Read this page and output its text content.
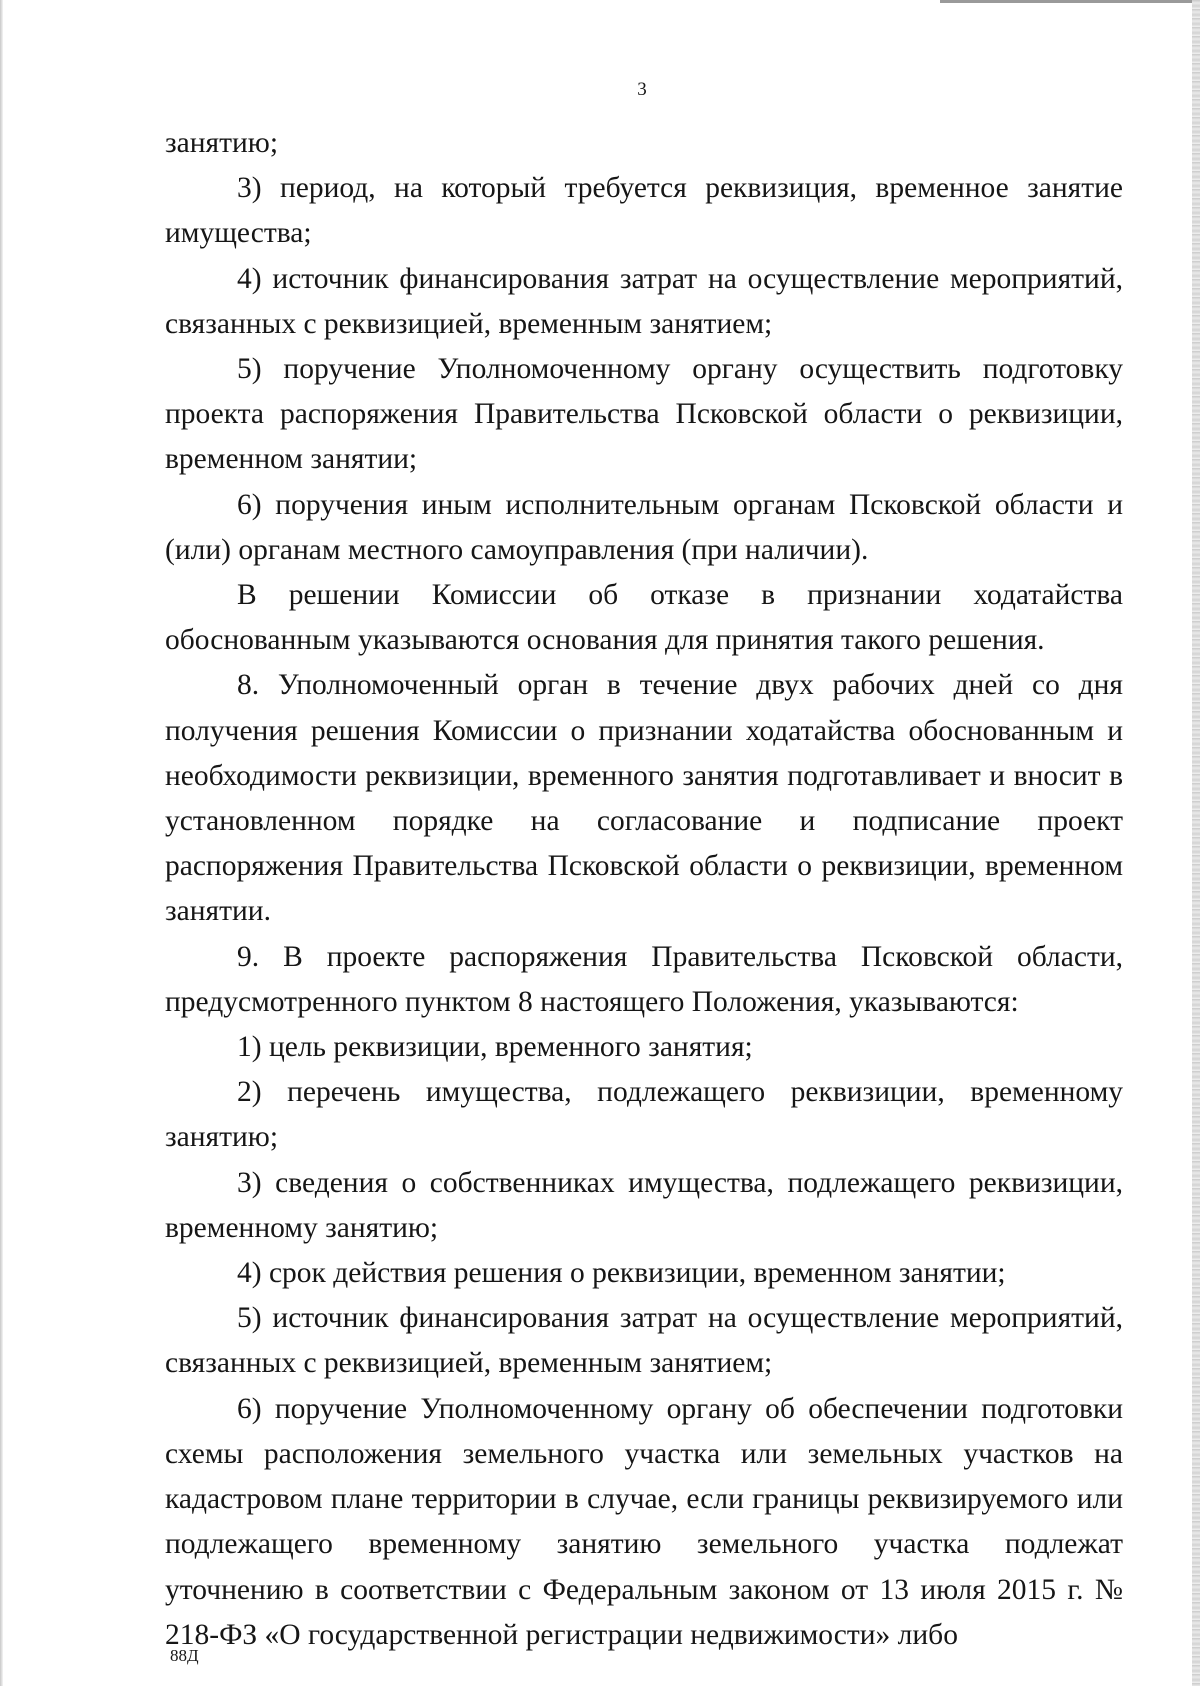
3

занятию;

3) период, на который требуется реквизиция, временное занятие имущества;

4) источник финансирования затрат на осуществление мероприятий, связанных с реквизицией, временным занятием;

5) поручение Уполномоченному органу осуществить подготовку проекта распоряжения Правительства Псковской области о реквизиции, временном занятии;

6) поручения иным исполнительным органам Псковской области и (или) органам местного самоуправления (при наличии).

В решении Комиссии об отказе в признании ходатайства обоснованным указываются основания для принятия такого решения.

8. Уполномоченный орган в течение двух рабочих дней со дня получения решения Комиссии о признании ходатайства обоснованным и необходимости реквизиции, временного занятия подготавливает и вносит в установленном порядке на согласование и подписание проект распоряжения Правительства Псковской области о реквизиции, временном занятии.

9. В проекте распоряжения Правительства Псковской области, предусмотренного пунктом 8 настоящего Положения, указываются:

1) цель реквизиции, временного занятия;

2) перечень имущества, подлежащего реквизиции, временному занятию;

3) сведения о собственниках имущества, подлежащего реквизиции, временному занятию;

4) срок действия решения о реквизиции, временном занятии;

5) источник финансирования затрат на осуществление мероприятий, связанных с реквизицией, временным занятием;

6) поручение Уполномоченному органу об обеспечении подготовки схемы расположения земельного участка или земельных участков на кадастровом плане территории в случае, если границы реквизируемого или подлежащего временному занятию земельного участка подлежат уточнению в соответствии с Федеральным законом от 13 июля 2015 г. № 218-ФЗ «О государственной регистрации недвижимости» либо

88Д
